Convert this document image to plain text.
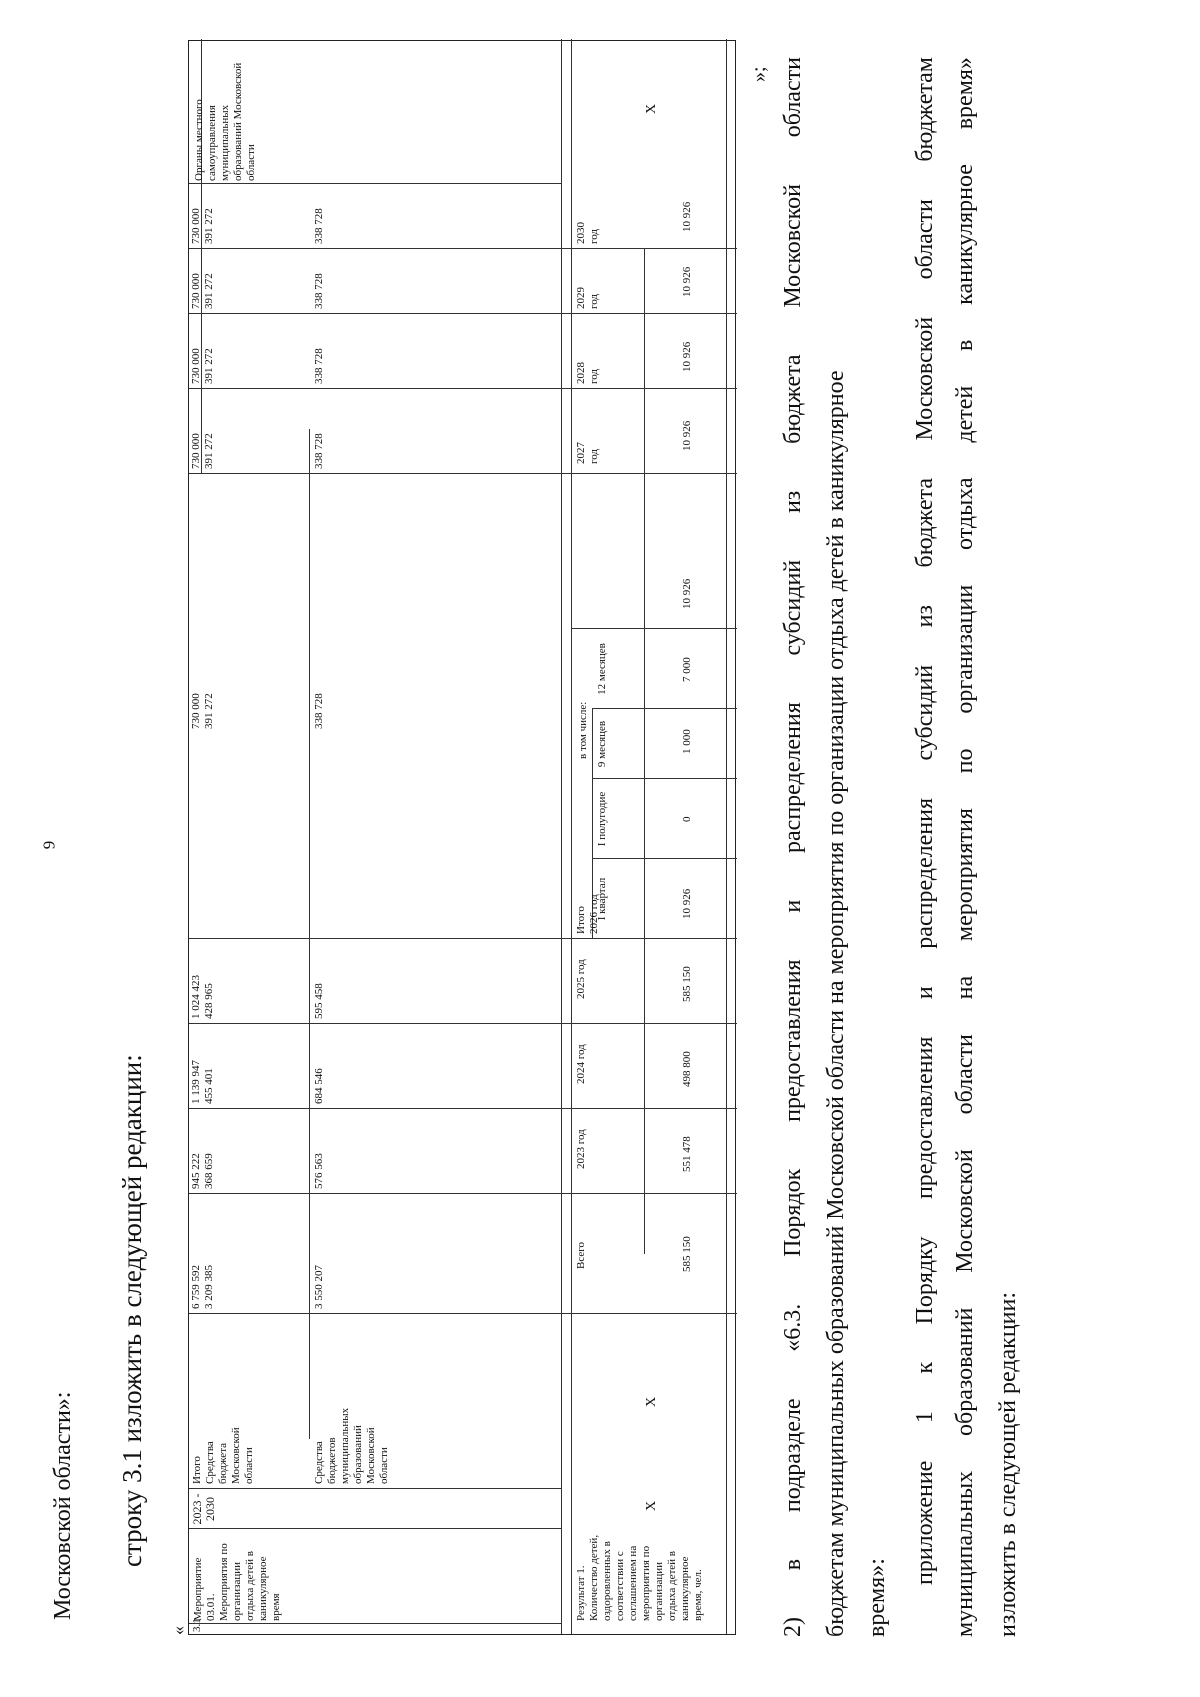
9
Московской области»: строку 3.1 изложить в следующей редакции:
« 3.1
Мероприятие 03.01. Мероприятия по организации отдыха детей в каникулярное время
2023 - 2030
Итого Средства бюджета Московской области	Средства бюджетов муниципальных образований Московской области
6 759 592
945 222
1 139 947
1 024 423
730 000
730 000
730 000
730 000
730 000
3 209 385
368 659
455 401
428 965
391 272
391 272
391 272
391 272
391 272
3 550 207
576 563
684 546
595 458
338 728
338 728
338 728
338 728
338 728
Органы местного самоуправления муниципальных образований Московской области
Результат 1. Количество детей, оздоровленных в соответствии с соглашением на мероприятия по организации отдыха детей в каникулярное время, чел.
X
X
X
Всего
2023 год
2024 год
2025 год
Итого 2026 год
в том числе:
I квартал
I полугодие
9 месяцев
12 месяцев
2027 год
2028 год
2029 год
2030 год
585 150
551 478
498 800
585 150
10 926
0
1 000
7 000
10 926
10 926
10 926
10 926
10 926
»;
2)
в
подразделе
«6.3.
Порядок
предоставления
и
распределения
субсидий
из
бюджета
Московской
области
бюджетам муниципальных образований Московской области на мероприятия по организации отдыха детей в каникулярное время»:
приложение
1
к
Порядку
предоставления
и
распределения
субсидий
из
бюджета
Московской
области
бюджетам
муниципальных
образований
Московской
области
на
мероприятия
по
организации
отдыха
детей
в
каникулярное
время»
изложить в следующей редакции:
